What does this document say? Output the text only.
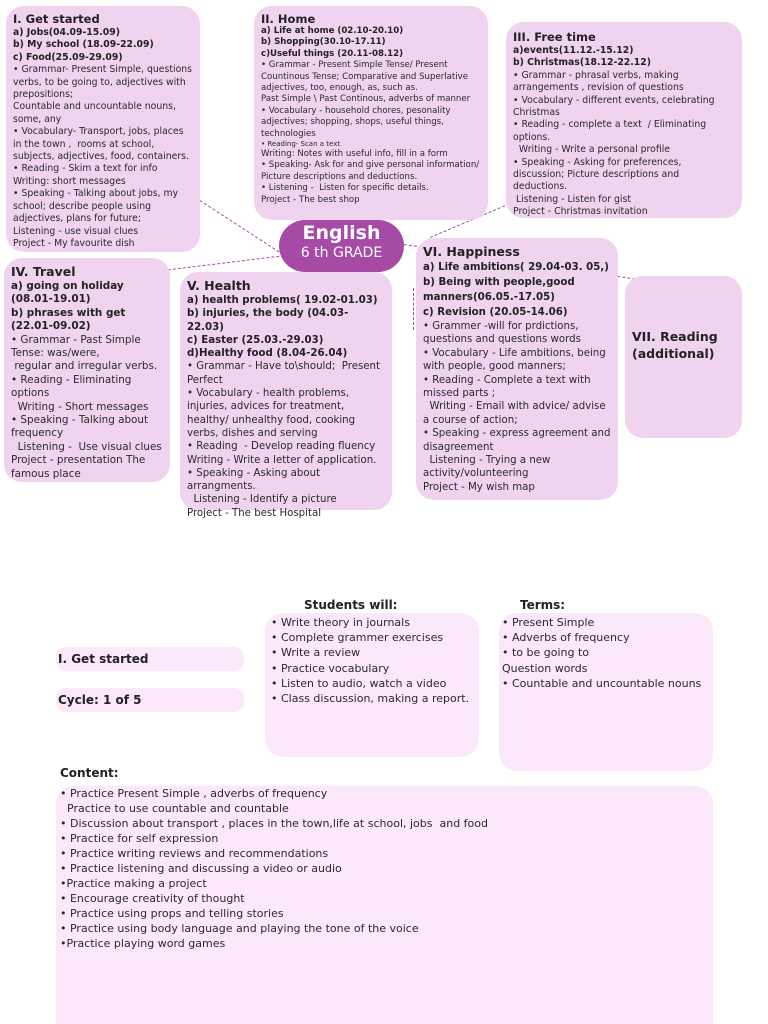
I. Get started
a) Jobs(04.09-15.09)
b) My school (18.09-22.09)
c) Food(25.09-29.09)
• Grammar- Present Simple, questions verbs, to be going to, adjectives with prepositions;
Countable and uncountable nouns, some, any
• Vocabulary- Transport, jobs, places in the town ,  rooms at school, subjects, adjectives, food, containers.
• Reading - Skim a text for info
Writing: short messages
• Speaking - Talking about jobs, my school; describe people using adjectives, plans for future;
Listening - use visual clues
Project - My favourite dish
II. Home
a) Life at home (02.10-20.10)
b) Shopping(30.10-17.11)
c)Useful things (20.11-08.12)
• Grammar - Present Simple Tense/ Present Countinous Tense; Comparative and Superlative adjectives, too, enough, as, such as.
Past Simple \ Past Continous, adverbs of manner
• Vocabulary - household chores, pesonality adjectives; shopping, shops, useful things, technologies
• Reading- Scan a text
Writing: Notes with useful info, fill in a form
• Speaking- Ask for and give personal information/ Picture descriptions and deductions.
• Listening -  Listen for specific details.
Project - The best shop
III. Free time
a)events(11.12.-15.12)
b) Christmas(18.12-22.12)
• Grammar - phrasal verbs, making arrangements , revision of questions
• Vocabulary - different events, celebrating Christmas
• Reading - complete a text  / Eliminating options.
Writing - Write a personal profile
• Speaking - Asking for preferences, discussion; Picture descriptions and deductions.
Listening - Listen for gist
Project - Christmas invitation
English
6 th GRADE
IV. Travel
a) going on holiday (08.01-19.01)
b) phrases with get (22.01-09.02)
• Grammar - Past Simple Tense: was/were,
regular and irregular verbs.
• Reading - Eliminating options
Writing - Short messages
• Speaking - Talking about frequency
Listening -  Use visual clues
Project - presentation The  famous place
V. Health
a) health problems( 19.02-01.03)
b) injuries, the body (04.03-22.03)
c) Easter (25.03.-29.03)
d)Healthy food (8.04-26.04)
• Grammar - Have to\should;  Present Perfect
• Vocabulary - health problems, injuries, advices for treatment, healthy/ unhealthy food, cooking verbs, dishes and serving
• Reading  - Develop reading fluency
Writing - Write a letter of application.
• Speaking - Asking about arrangments.
Listening - Identify a picture
Project - The best Hospital
VI. Happiness
a) Life ambitions( 29.04-03. 05,)
b) Being with people,good manners(06.05.-17.05)
c) Revision (20.05-14.06)
• Grammer -will for prdictions, questions and questions words
• Vocabulary - Life ambitions, being with people, good manners;
• Reading - Complete a text with missed parts ;
Writing - Email with advice/ advise a course of action;
• Speaking - express agreement and disagreement
Listening - Trying a new activity/volunteering
Project - My wish map
VII. Reading (additional)
I. Get started
Cycle: 1 of 5
Students will:
• Write theory in journals
• Complete grammer exercises
• Write a review
• Practice vocabulary
• Listen to audio, watch a video
• Class discussion, making a report.
Terms:
• Present Simple
• Adverbs of frequency
• to be going to
Question words
• Countable and uncountable nouns
Content:
• Practice Present Simple , adverbs of frequency
Practice to use countable and countable
• Discussion about transport , places in the town,life at school, jobs  and food
• Practice for self expression
• Practice writing reviews and recommendations
• Practice listening and discussing a video or audio
•Practice making a project
• Encourage creativity of thought
• Practice using props and telling stories
• Practice using body language and playing the tone of the voice
•Practice playing word games
